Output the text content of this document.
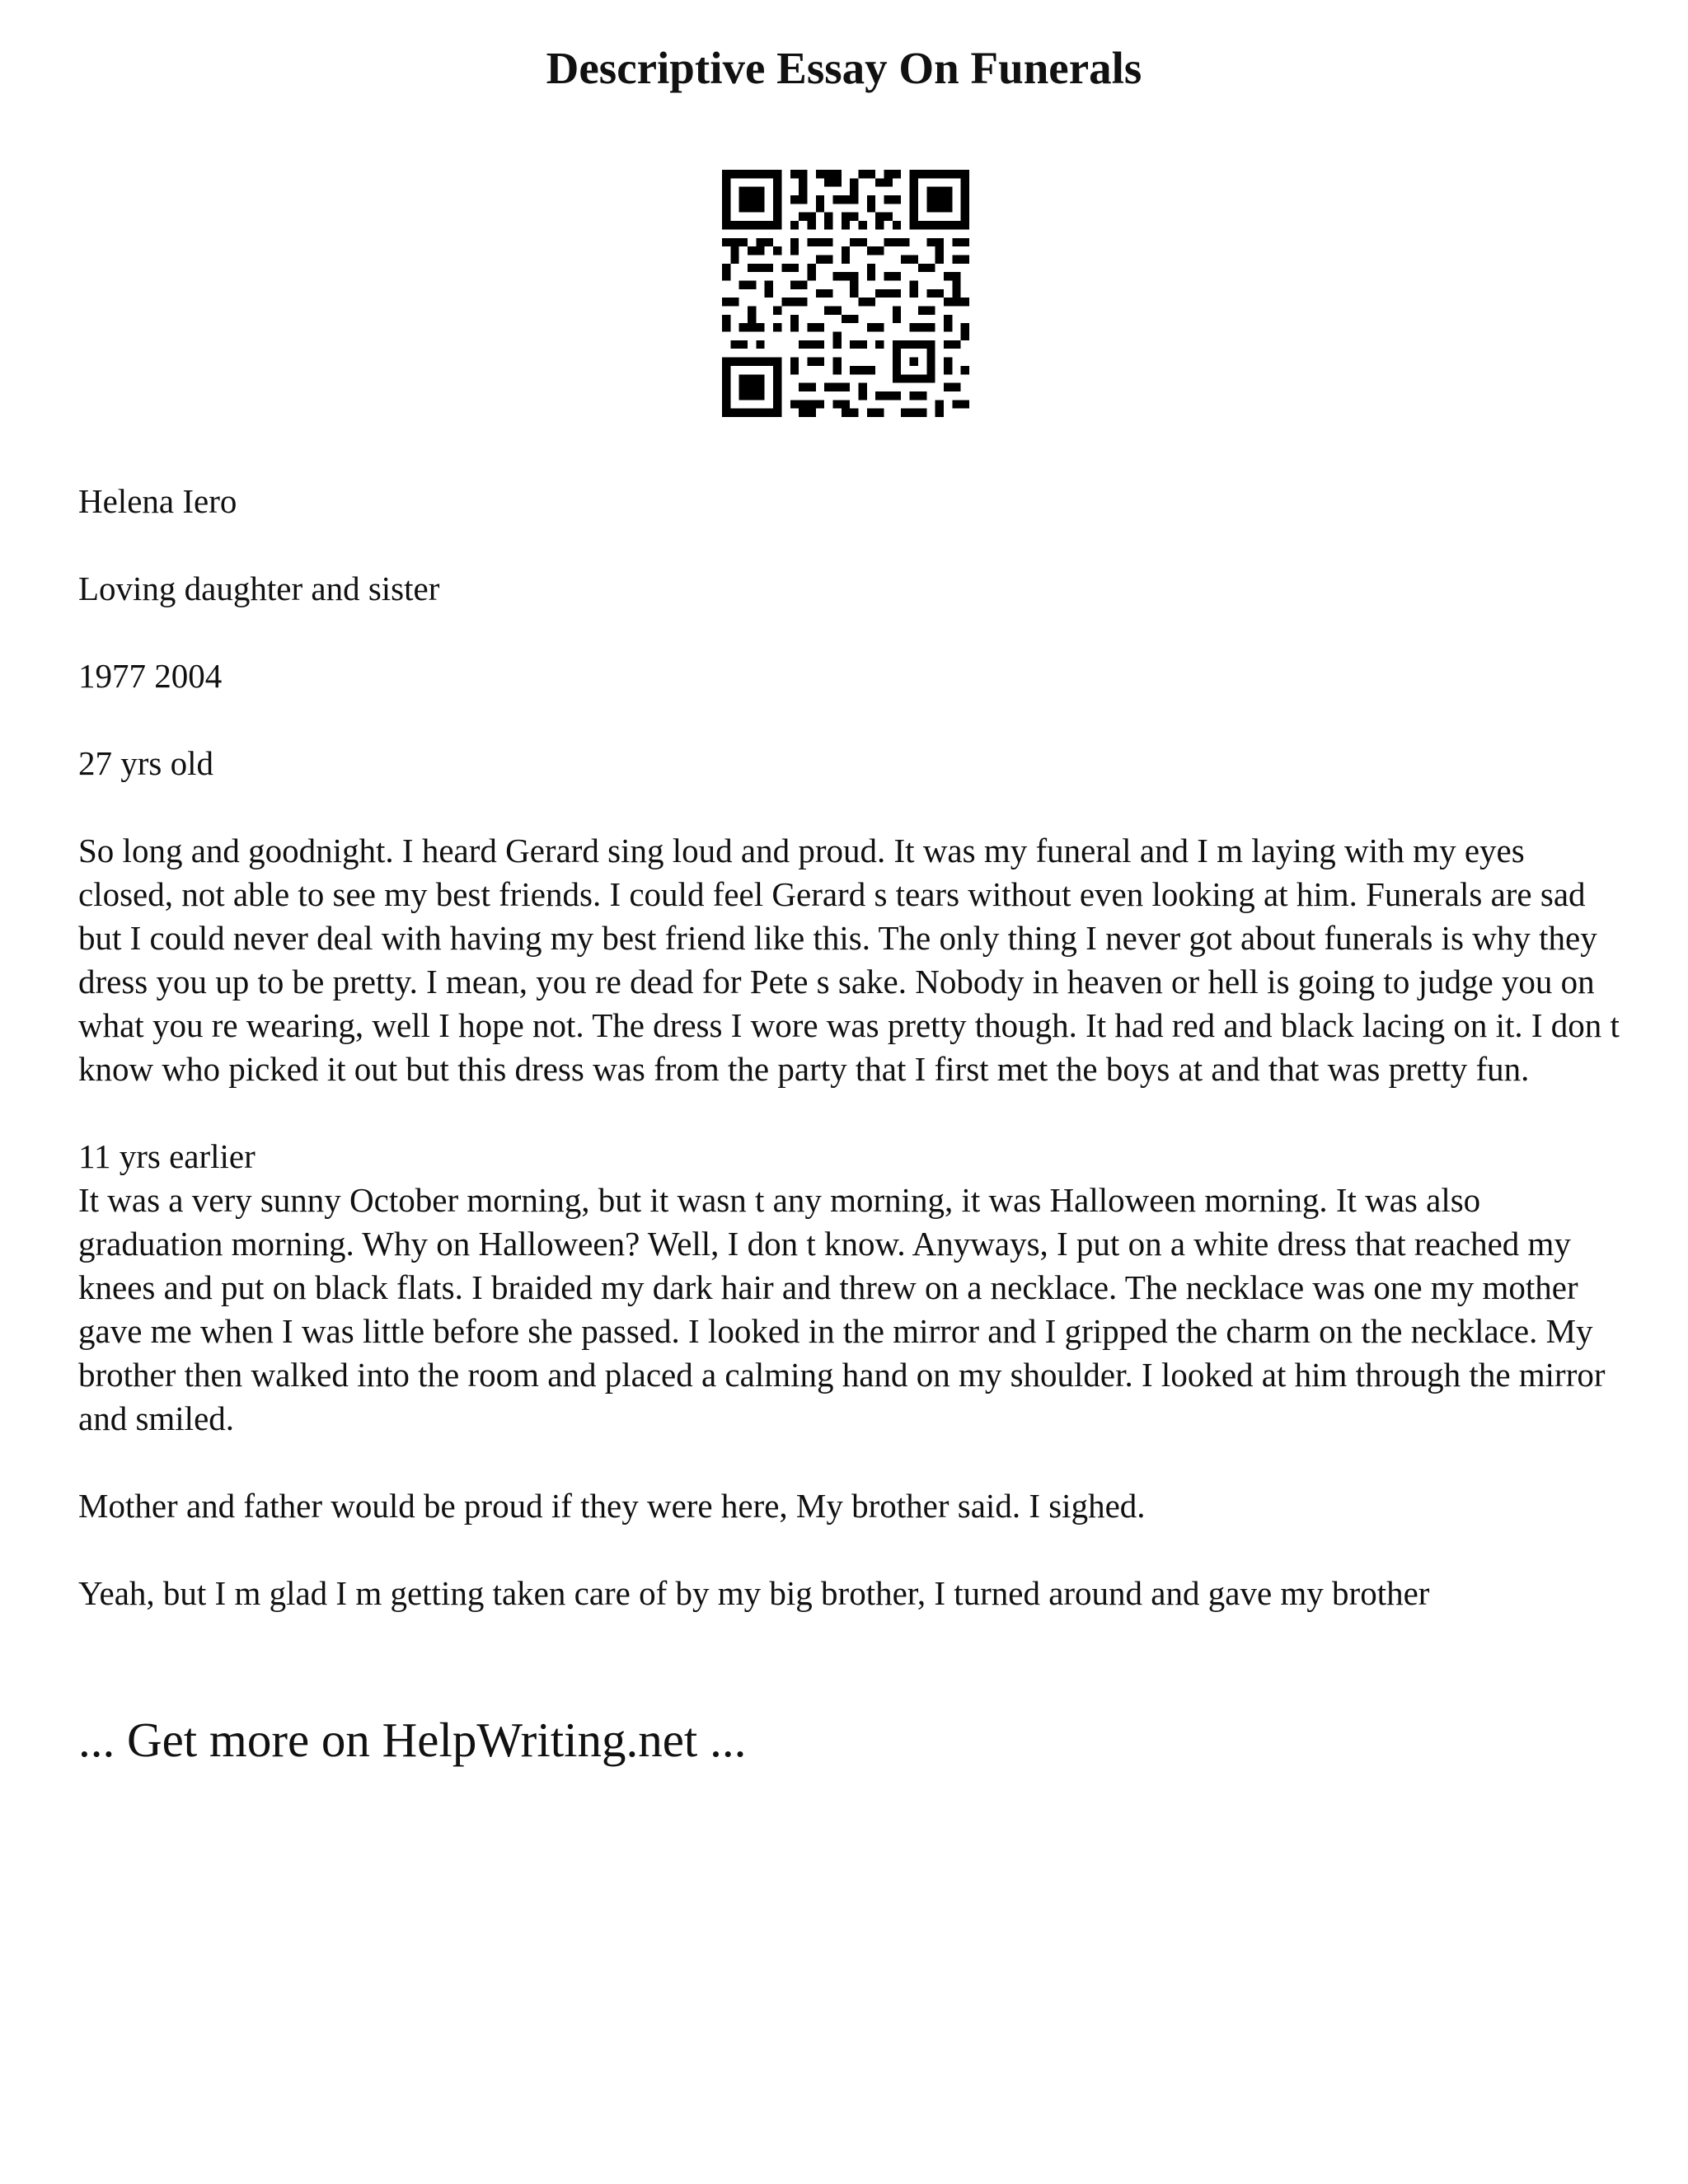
Descriptive Essay On Funerals

Helena Iero

Loving daughter and sister

1977 2004

27 yrs old

So long and goodnight. I heard Gerard sing loud and proud. It was my funeral and I m laying with my eyes closed, not able to see my best friends. I could feel Gerard s tears without even looking at him. Funerals are sad but I could never deal with having my best friend like this. The only thing I never got about funerals is why they dress you up to be pretty. I mean, you re dead for Pete s sake. Nobody in heaven or hell is going to judge you on what you re wearing, well I hope not. The dress I wore was pretty though. It had red and black lacing on it. I don t know who picked it out but this dress was from the party that I first met the boys at and that was pretty fun.

11 yrs earlier

It was a very sunny October morning, but it wasn t any morning, it was Halloween morning. It was also graduation morning. Why on Halloween? Well, I don t know. Anyways, I put on a white dress that reached my knees and put on black flats. I braided my dark hair and threw on a necklace. The necklace was one my mother gave me when I was little before she passed. I looked in the mirror and I gripped the charm on the necklace. My brother then walked into the room and placed a calming hand on my shoulder. I looked at him through the mirror and smiled.

Mother and father would be proud if they were here, My brother said. I sighed.

Yeah, but I m glad I m getting taken care of by my big brother, I turned around and gave my brother

... Get more on HelpWriting.net ...
